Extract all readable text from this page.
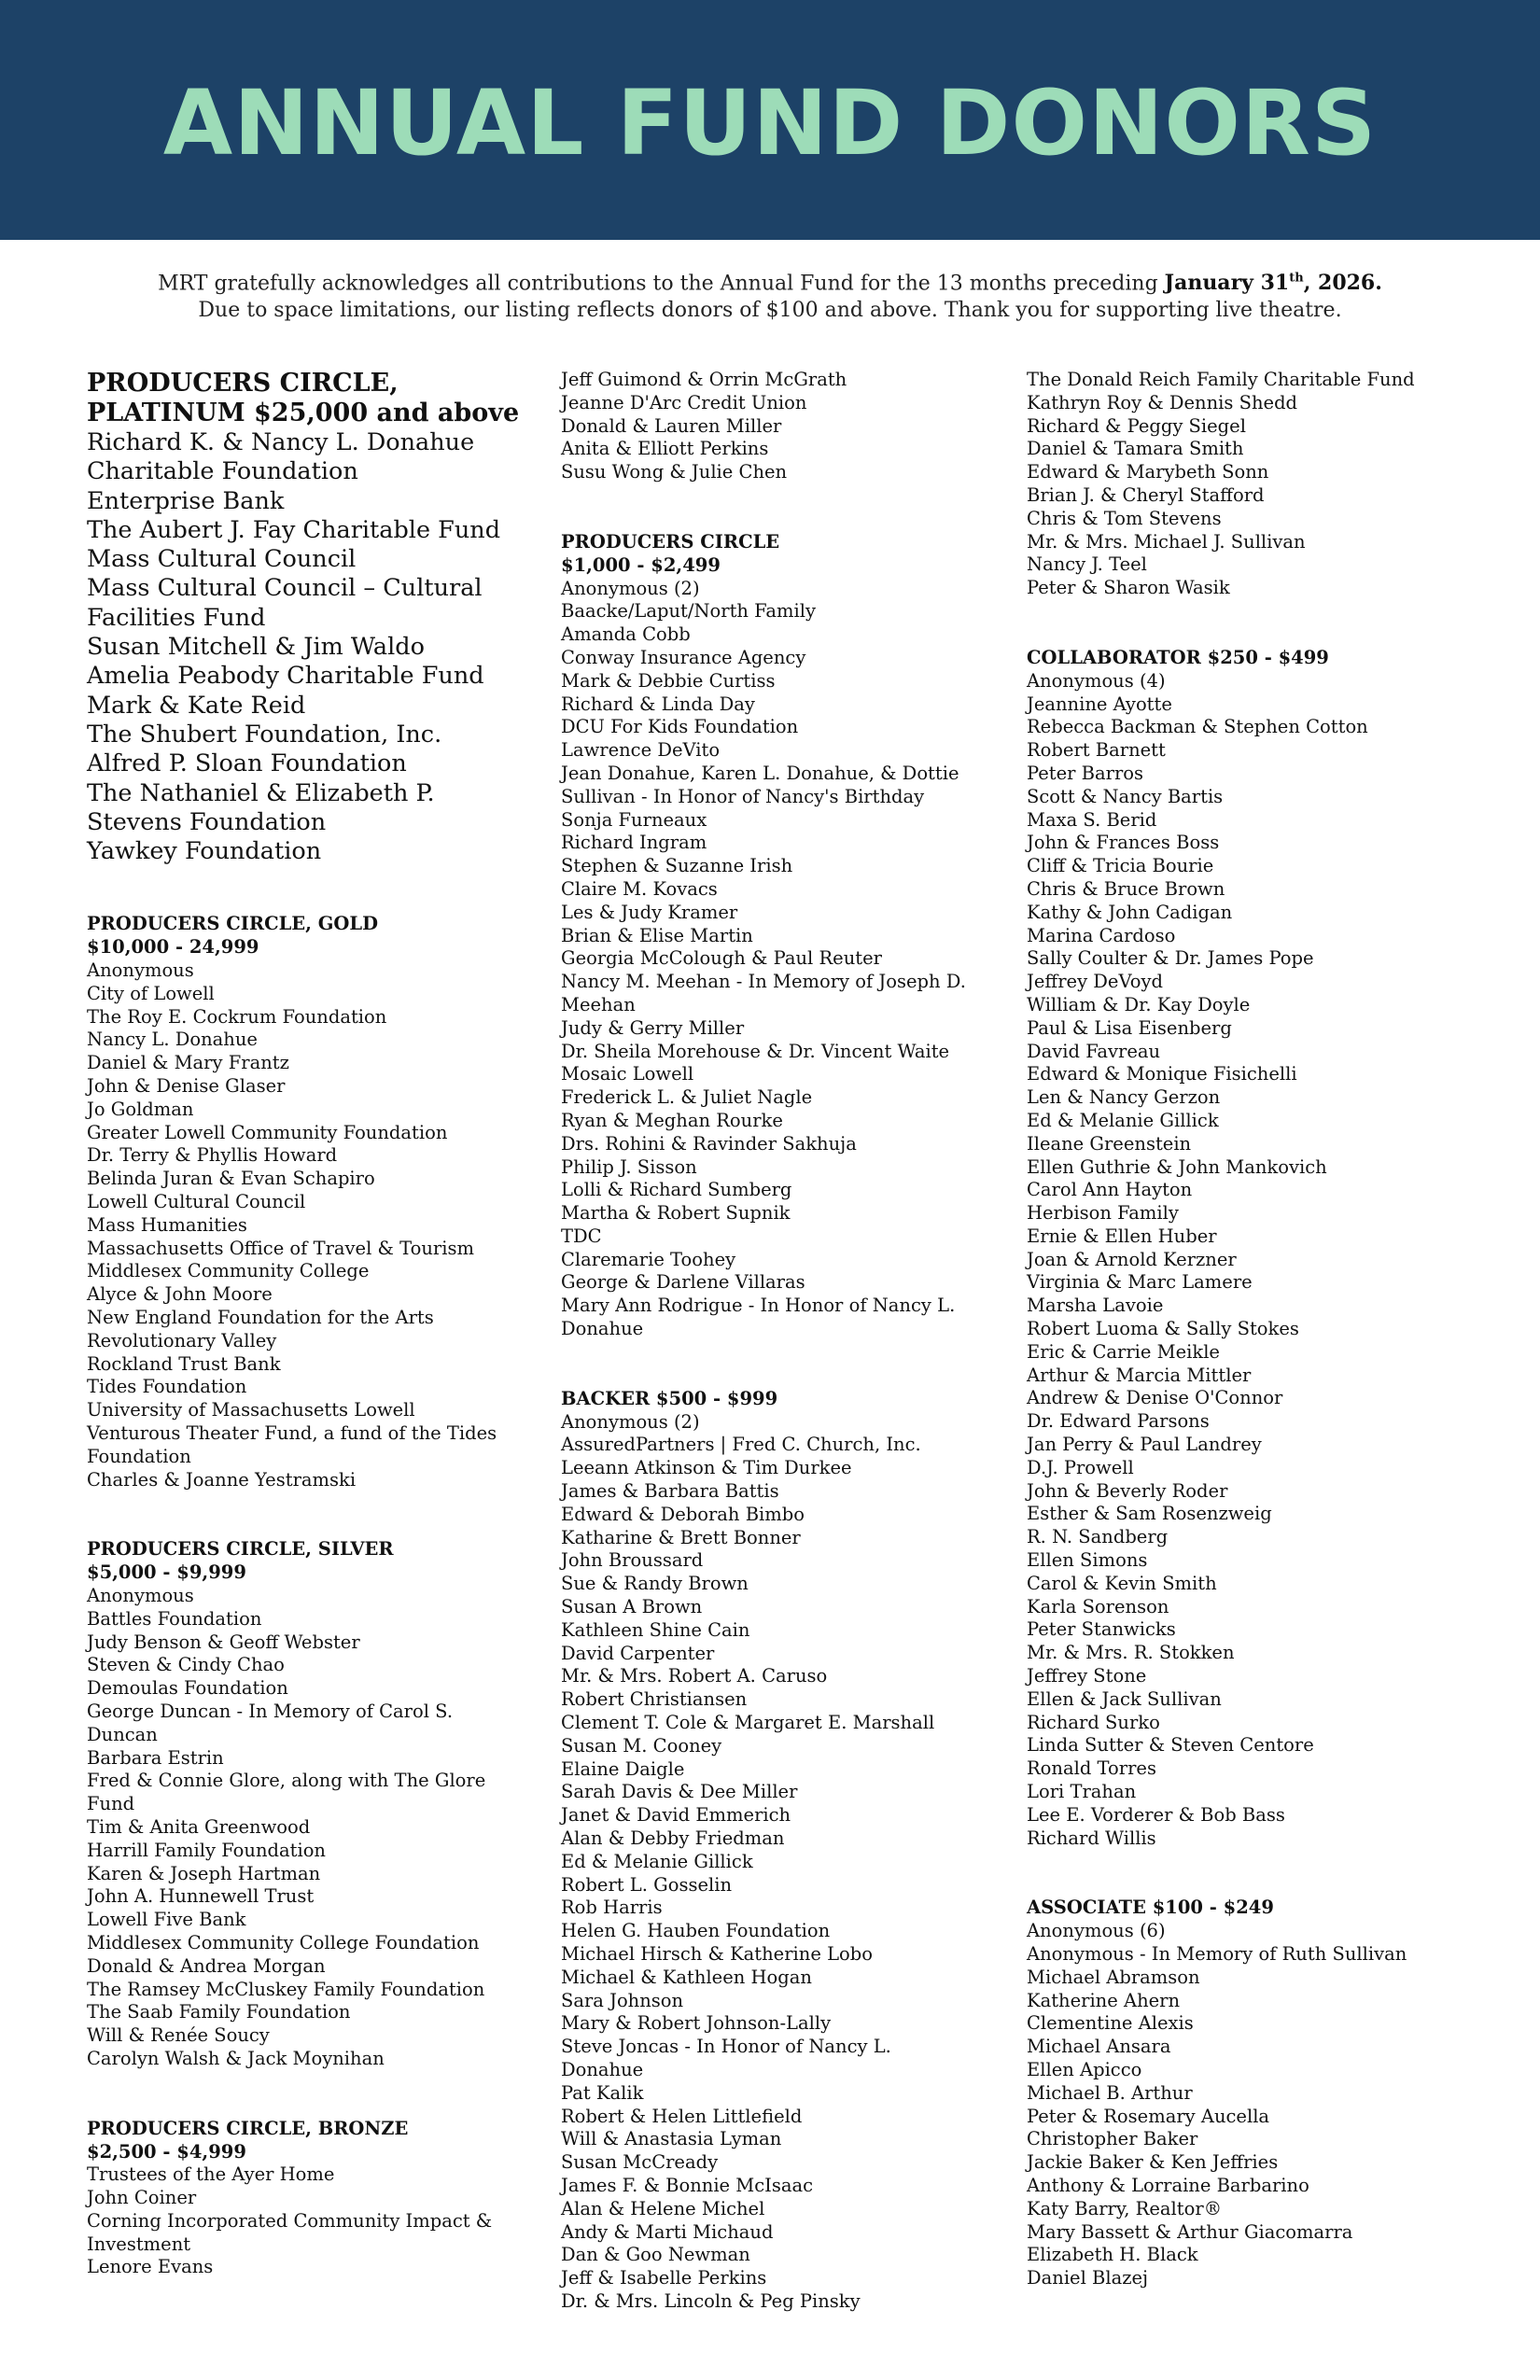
ANNUAL FUND DONORS
MRT gratefully acknowledges all contributions to the Annual Fund for the 13 months preceding January 31th, 2026.
Due to space limitations, our listing reflects donors of $100 and above. Thank you for supporting live theatre.
PRODUCERS CIRCLE,
PLATINUM $25,000 and above
Richard K. & Nancy L. Donahue Charitable Foundation
Enterprise Bank
The Aubert J. Fay Charitable Fund
Mass Cultural Council
Mass Cultural Council – Cultural Facilities Fund
Susan Mitchell & Jim Waldo
Amelia Peabody Charitable Fund
Mark & Kate Reid
The Shubert Foundation, Inc.
Alfred P. Sloan Foundation
The Nathaniel & Elizabeth P. Stevens Foundation
Yawkey Foundation
PRODUCERS CIRCLE, GOLD
$10,000 - 24,999
Anonymous
City of Lowell
The Roy E. Cockrum Foundation
Nancy L. Donahue
Daniel & Mary Frantz
John & Denise Glaser
Jo Goldman
Greater Lowell Community Foundation
Dr. Terry & Phyllis Howard
Belinda Juran & Evan Schapiro
Lowell Cultural Council
Mass Humanities
Massachusetts Office of Travel & Tourism
Middlesex Community College
Alyce & John Moore
New England Foundation for the Arts
Revolutionary Valley
Rockland Trust Bank
Tides Foundation
University of Massachusetts Lowell
Venturous Theater Fund, a fund of the Tides Foundation
Charles & Joanne Yestramski
PRODUCERS CIRCLE, SILVER
$5,000 - $9,999
Anonymous
Battles Foundation
Judy Benson & Geoff Webster
Steven & Cindy Chao
Demoulas Foundation
George Duncan - In Memory of Carol S. Duncan
Barbara Estrin
Fred & Connie Glore, along with The Glore Fund
Tim & Anita Greenwood
Harrill Family Foundation
Karen & Joseph Hartman
John A. Hunnewell Trust
Lowell Five Bank
Middlesex Community College Foundation
Donald & Andrea Morgan
The Ramsey McCluskey Family Foundation
The Saab Family Foundation
Will & Renée Soucy
Carolyn Walsh & Jack Moynihan
PRODUCERS CIRCLE, BRONZE
$2,500 - $4,999
Trustees of the Ayer Home
John Coiner
Corning Incorporated Community Impact & Investment
Lenore Evans
Jeff Guimond & Orrin McGrath
Jeanne D'Arc Credit Union
Donald & Lauren Miller
Anita & Elliott Perkins
Susu Wong & Julie Chen
PRODUCERS CIRCLE
$1,000 - $2,499
Anonymous (2)
Baacke/Laput/North Family
Amanda Cobb
Conway Insurance Agency
Mark & Debbie Curtiss
Richard & Linda Day
DCU For Kids Foundation
Lawrence DeVito
Jean Donahue, Karen L. Donahue, & Dottie Sullivan - In Honor of Nancy's Birthday
Sonja Furneaux
Richard Ingram
Stephen & Suzanne Irish
Claire M. Kovacs
Les & Judy Kramer
Brian & Elise Martin
Georgia McColough & Paul Reuter
Nancy M. Meehan - In Memory of Joseph D. Meehan
Judy & Gerry Miller
Dr. Sheila Morehouse & Dr. Vincent Waite
Mosaic Lowell
Frederick L. & Juliet Nagle
Ryan & Meghan Rourke
Drs. Rohini & Ravinder Sakhuja
Philip J. Sisson
Lolli & Richard Sumberg
Martha & Robert Supnik
TDC
Claremarie Toohey
George & Darlene Villaras
Mary Ann Rodrigue - In Honor of Nancy L. Donahue
BACKER $500 - $999
Anonymous (2)
AssuredPartners | Fred C. Church, Inc.
Leeann Atkinson & Tim Durkee
James & Barbara Battis
Edward & Deborah Bimbo
Katharine & Brett Bonner
John Broussard
Sue & Randy Brown
Susan A Brown
Kathleen Shine Cain
David Carpenter
Mr. & Mrs. Robert A. Caruso
Robert Christiansen
Clement T. Cole & Margaret E. Marshall
Susan M. Cooney
Elaine Daigle
Sarah Davis & Dee Miller
Janet & David Emmerich
Alan & Debby Friedman
Ed & Melanie Gillick
Robert L. Gosselin
Rob Harris
Helen G. Hauben Foundation
Michael Hirsch & Katherine Lobo
Michael & Kathleen Hogan
Sara Johnson
Mary & Robert Johnson-Lally
Steve Joncas - In Honor of Nancy L. Donahue
Pat Kalik
Robert & Helen Littlefield
Will & Anastasia Lyman
Susan McCready
James F. & Bonnie McIsaac
Alan & Helene Michel
Andy & Marti Michaud
Dan & Goo Newman
Jeff & Isabelle Perkins
Dr. & Mrs. Lincoln & Peg Pinsky
The Donald Reich Family Charitable Fund
Kathryn Roy & Dennis Shedd
Richard & Peggy Siegel
Daniel & Tamara Smith
Edward & Marybeth Sonn
Brian J. & Cheryl Stafford
Chris & Tom Stevens
Mr. & Mrs. Michael J. Sullivan
Nancy J. Teel
Peter & Sharon Wasik
COLLABORATOR $250 - $499
Anonymous (4)
Jeannine Ayotte
Rebecca Backman & Stephen Cotton
Robert Barnett
Peter Barros
Scott & Nancy Bartis
Maxa S. Berid
John & Frances Boss
Cliff & Tricia Bourie
Chris & Bruce Brown
Kathy & John Cadigan
Marina Cardoso
Sally Coulter & Dr. James Pope
Jeffrey DeVoyd
William & Dr. Kay Doyle
Paul & Lisa Eisenberg
David Favreau
Edward & Monique Fisichelli
Len & Nancy Gerzon
Ed & Melanie Gillick
Ileane Greenstein
Ellen Guthrie & John Mankovich
Carol Ann Hayton
Herbison Family
Ernie & Ellen Huber
Joan & Arnold Kerzner
Virginia & Marc Lamere
Marsha Lavoie
Robert Luoma & Sally Stokes
Eric & Carrie Meikle
Arthur & Marcia Mittler
Andrew & Denise O'Connor
Dr. Edward Parsons
Jan Perry & Paul Landrey
D.J. Prowell
John & Beverly Roder
Esther & Sam Rosenzweig
R. N. Sandberg
Ellen Simons
Carol & Kevin Smith
Karla Sorenson
Peter Stanwicks
Mr. & Mrs. R. Stokken
Jeffrey Stone
Ellen & Jack Sullivan
Richard Surko
Linda Sutter & Steven Centore
Ronald Torres
Lori Trahan
Lee E. Vorderer & Bob Bass
Richard Willis
ASSOCIATE $100 - $249
Anonymous (6)
Anonymous - In Memory of Ruth Sullivan
Michael Abramson
Katherine Ahern
Clementine Alexis
Michael Ansara
Ellen Apicco
Michael B. Arthur
Peter & Rosemary Aucella
Christopher Baker
Jackie Baker & Ken Jeffries
Anthony & Lorraine Barbarino
Katy Barry, Realtor®
Mary Bassett & Arthur Giacomarra
Elizabeth H. Black
Daniel Blazej
